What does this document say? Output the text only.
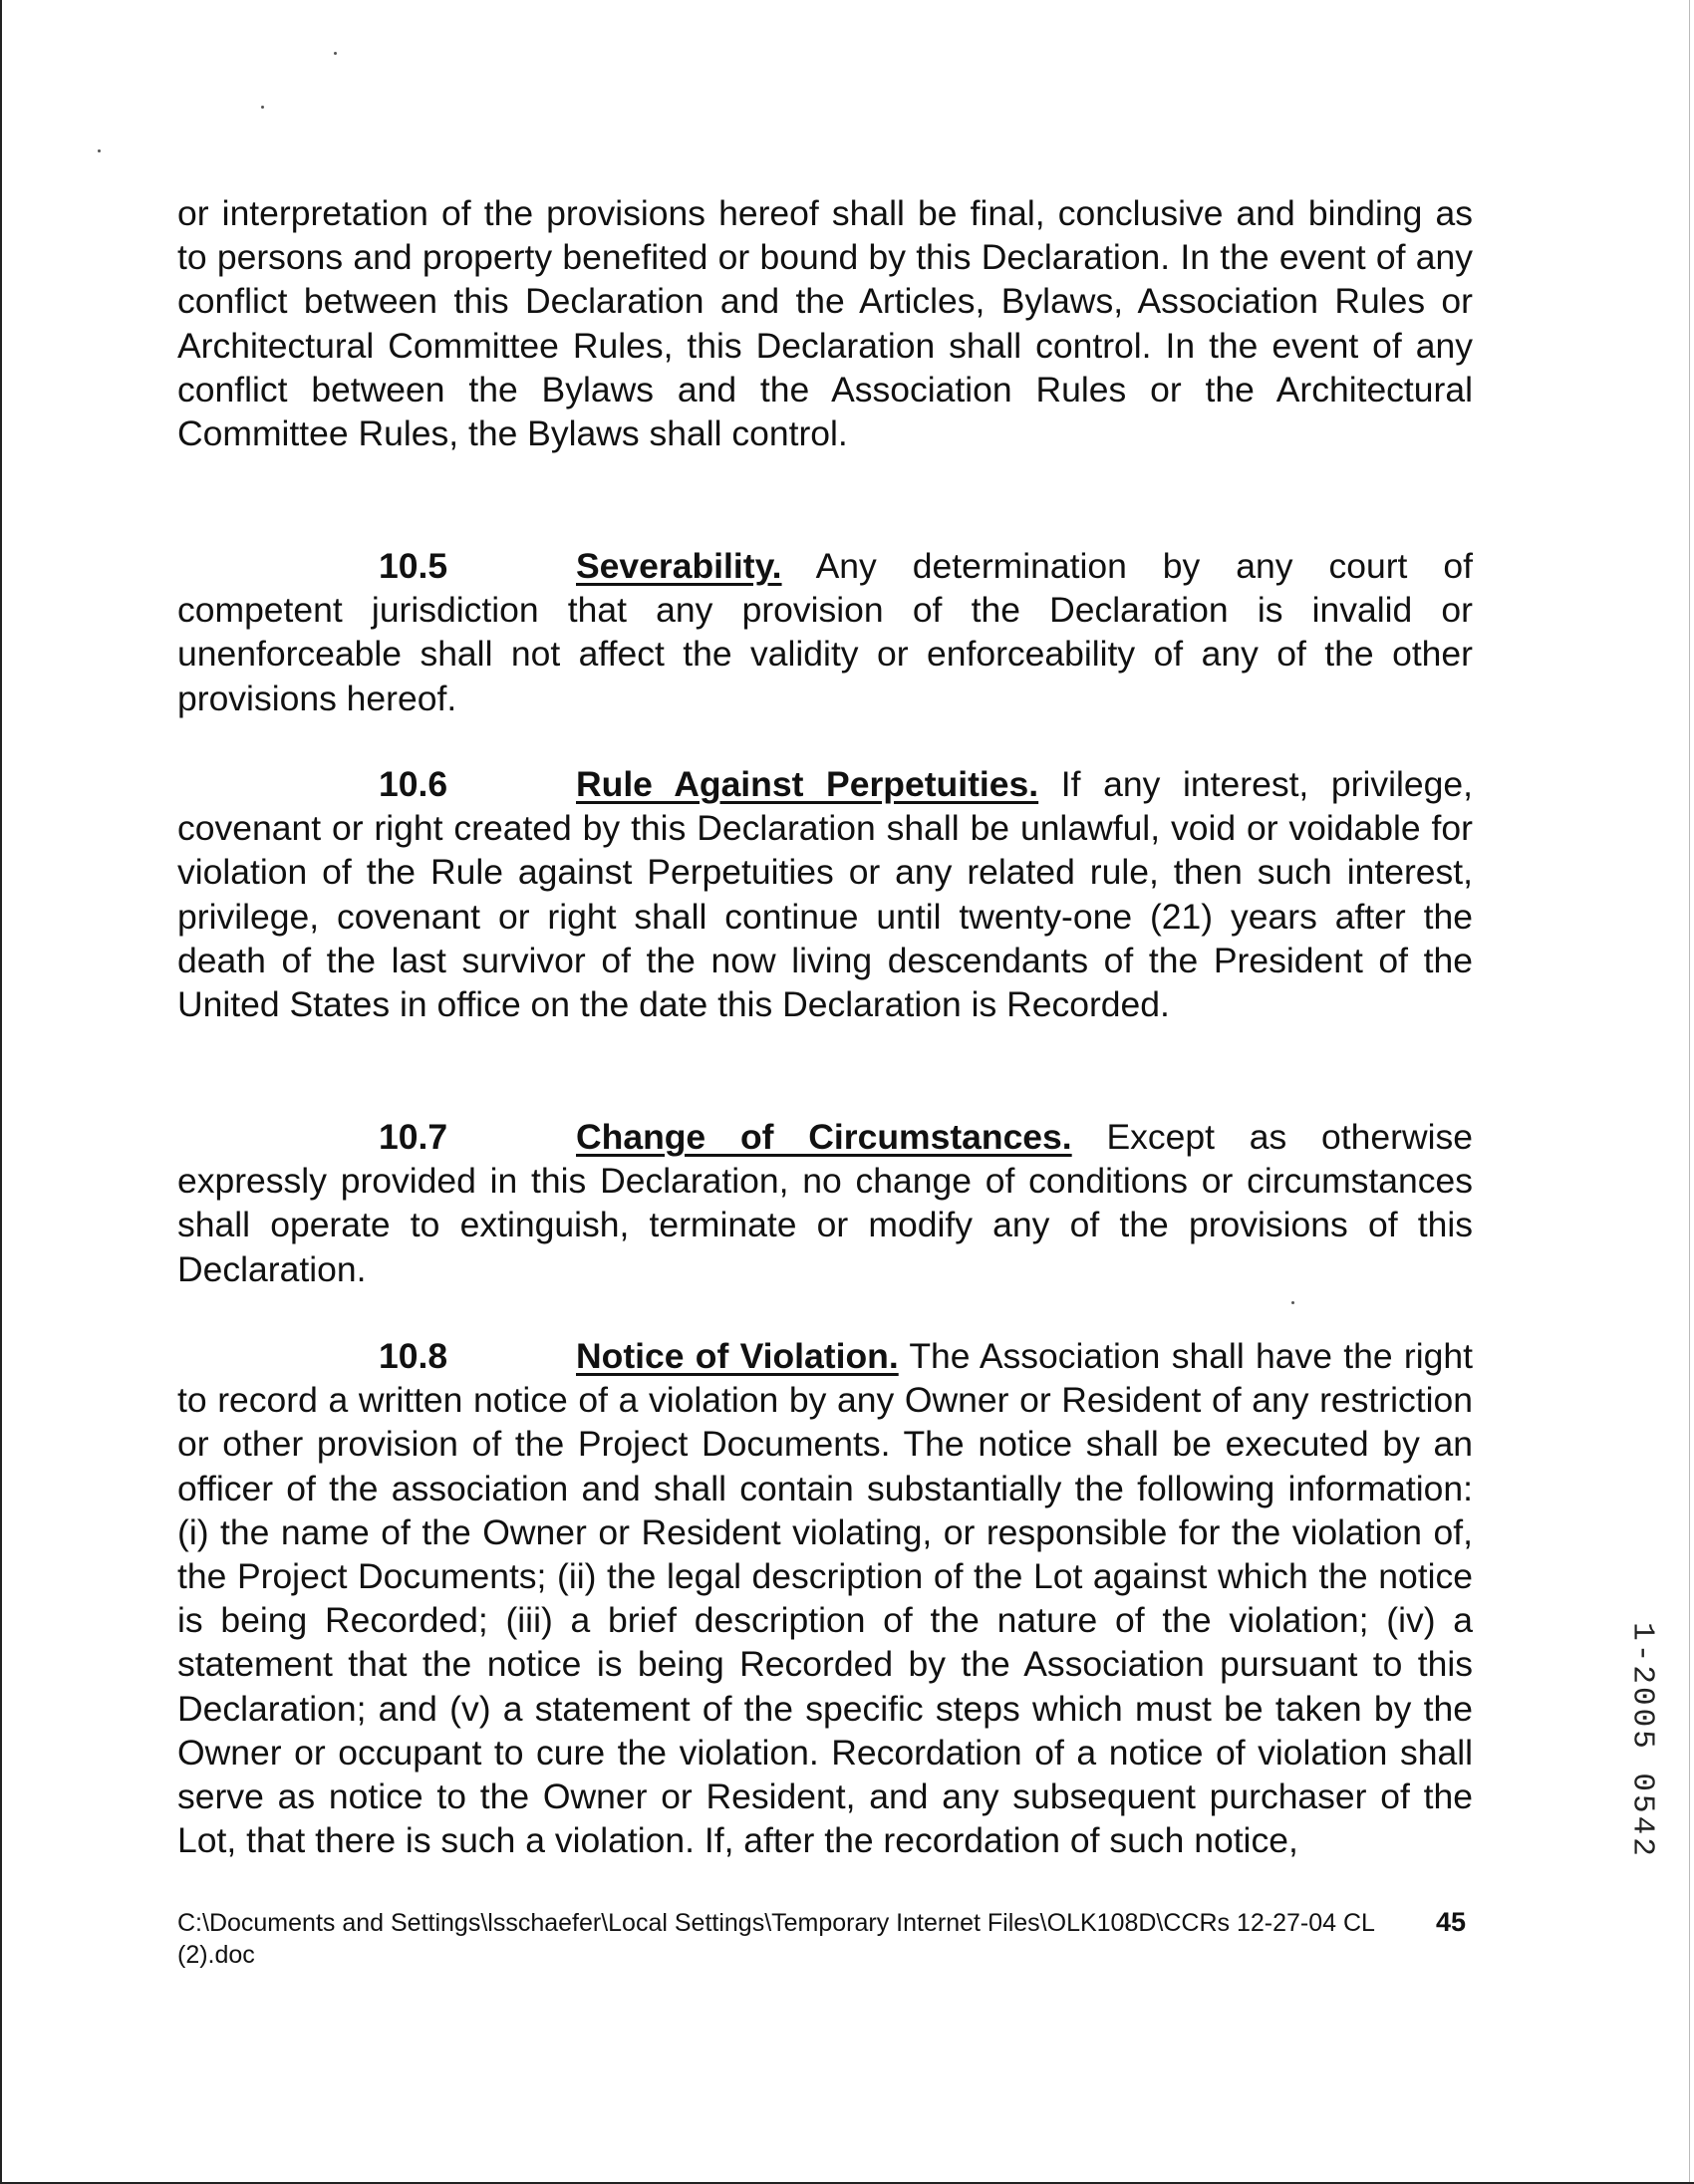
or interpretation of the provisions hereof shall be final, conclusive and binding as to persons and property benefited or bound by this Declaration. In the event of any conflict between this Declaration and the Articles, Bylaws, Association Rules or Architectural Committee Rules, this Declaration shall control. In the event of any conflict between the Bylaws and the Association Rules or the Architectural Committee Rules, the Bylaws shall control.

10.5	Severability. Any determination by any court of competent jurisdiction that any provision of the Declaration is invalid or unenforceable shall not affect the validity or enforceability of any of the other provisions hereof.

10.6	Rule Against Perpetuities. If any interest, privilege, covenant or right created by this Declaration shall be unlawful, void or voidable for violation of the Rule against Perpetuities or any related rule, then such interest, privilege, covenant or right shall continue until twenty-one (21) years after the death of the last survivor of the now living descendants of the President of the United States in office on the date this Declaration is Recorded.

10.7	Change of Circumstances. Except as otherwise expressly provided in this Declaration, no change of conditions or circumstances shall operate to extinguish, terminate or modify any of the provisions of this Declaration.

10.8	Notice of Violation. The Association shall have the right to record a written notice of a violation by any Owner or Resident of any restriction or other provision of the Project Documents. The notice shall be executed by an officer of the association and shall contain substantially the following information: (i) the name of the Owner or Resident violating, or responsible for the violation of, the Project Documents; (ii) the legal description of the Lot against which the notice is being Recorded; (iii) a brief description of the nature of the violation; (iv) a statement that the notice is being Recorded by the Association pursuant to this Declaration; and (v) a statement of the specific steps which must be taken by the Owner or occupant to cure the violation. Recordation of a notice of violation shall serve as notice to the Owner or Resident, and any subsequent purchaser of the Lot, that there is such a violation. If, after the recordation of such notice,	1-2005 0542
C:\Documents and Settings\lsschaefer\Local Settings\Temporary Internet Files\OLK108D\CCRs 12-27-04 CL (2).doc
45
